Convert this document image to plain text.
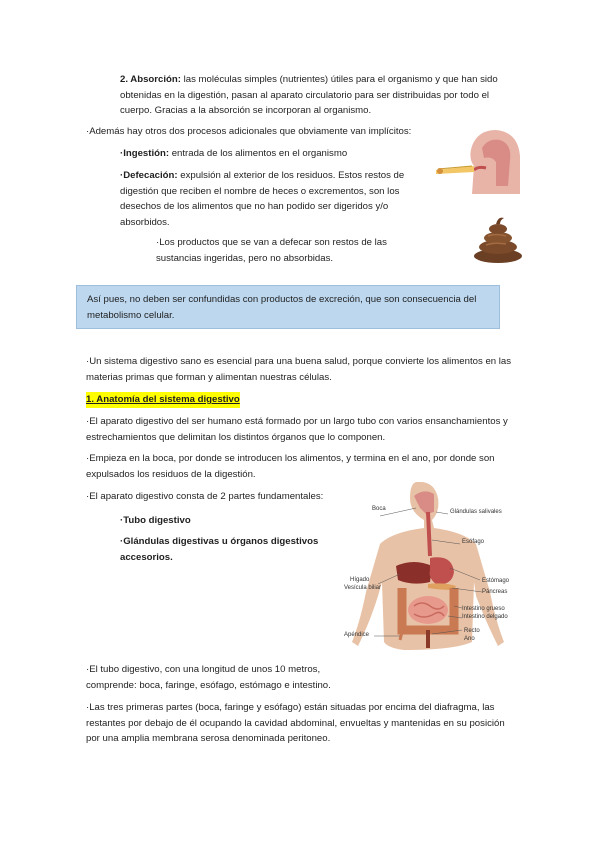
2. Absorción: las moléculas simples (nutrientes) útiles para el organismo y que han sido obtenidas en la digestión, pasan al aparato circulatorio para ser distribuidas por todo el cuerpo. Gracias a la absorción se incorporan al organismo.

·Además hay otros dos procesos adicionales que obviamente van implícitos:

·Ingestión: entrada de los alimentos en el organismo

·Defecación: expulsión al exterior de los residuos. Estos restos de digestión que reciben el nombre de heces o excrementos, son los desechos de los alimentos que no han podido ser digeridos y/o absorbidos.

·Los productos que se van a defecar son restos de las sustancias ingeridas, pero no absorbidas.

Así pues, no deben ser confundidas con productos de excreción, que son consecuencia del metabolismo celular.

·Un sistema digestivo sano es esencial para una buena salud, porque convierte los alimentos en las materias primas que forman y alimentan nuestras células.

1. Anatomía del sistema digestivo

·El aparato digestivo del ser humano está formado por un largo tubo con varios ensanchamientos y estrechamientos que delimitan los distintos órganos que lo componen.

·Empieza en la boca, por donde se introducen los alimentos, y termina en el ano, por donde son expulsados los residuos de la digestión.

·El aparato digestivo consta de 2 partes fundamentales:

·Tubo digestivo

·Glándulas digestivas u órganos digestivos accesorios.

Boca	Glándulas salivales
Esófago
Estómago
Páncreas
Hígado
Vesícula biliar
Intestino grueso
Intestino delgado
Apéndice
Recto
Ano

·El tubo digestivo, con una longitud de unos 10 metros, comprende: boca, faringe, esófago, estómago e intestino.

·Las tres primeras partes (boca, faringe y esófago) están situadas por encima del diafragma, las restantes por debajo de él ocupando la cavidad abdominal, envueltas y mantenidas en su posición por una amplia membrana serosa denominada peritoneo.
